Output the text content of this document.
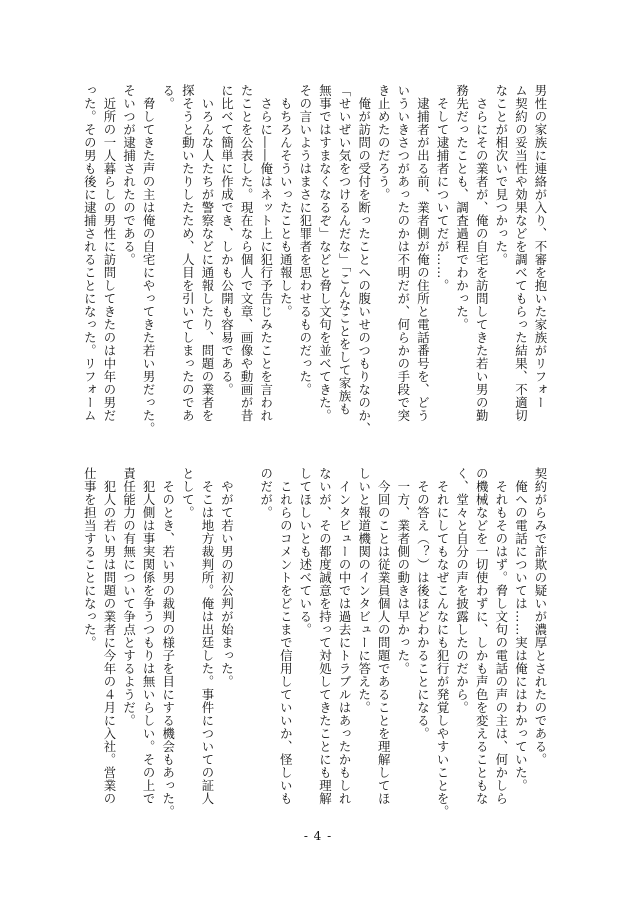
男性の家族に連絡が入り、不審を抱いた家族がリフォー
ム契約の妥当性や効果などを調べてもらった結果、不適切
なことが相次いで見つかった。
　さらにその業者が、俺の自宅を訪問してきた若い男の勤
務先だったことも、調査過程でわかった。
　そして逮捕者についてだが……。
　逮捕者が出る前、業者側が俺の住所と電話番号を、どう
いういきさつがあったのかは不明だが、何らかの手段で突
き止めたのだろう。
　俺が訪問の受付を断ったことへの腹いせのつもりなのか、
「せいぜい気をつけるんだな」「こんなことをして家族も
無事ではすまなくなるぞ」などと脅し文句を並べてきた。
その言いようはまさに犯罪者を思わせるものだった。
　もちろんそういったことも通報した。
　さらに――俺はネット上に犯行予告じみたことを言われ
たことを公表した。現在なら個人で文章、画像や動画が昔
に比べて簡単に作成でき、しかも公開も容易である。
　いろんな人たちが警察などに通報したり、問題の業者を
探そうと動いたりしたため、人目を引いてしまったのであ
る。
　脅してきた声の主は俺の自宅にやってきた若い男だった。
そいつが逮捕されたのである。
　近所の一人暮らしの男性に訪問してきたのは中年の男だ
った。その男も後に逮捕されることになった。リフォーム
契約がらみで詐欺の疑いが濃厚とされたのである。
　俺への電話については……実は俺にはわかっていた。
　それもそのはず。脅し文句の電話の声の主は、何かしら
の機械などを一切使わずに、しかも声色を変えることもな
く、堂々と自分の声を披露したのだから。
　それにしてもなぜこんなにも犯行が発覚しやすいことを。
　その答え（？）は後ほどわかることになる。
　一方、業者側の動きは早かった。
　今回のことは従業員個人の問題であることを理解してほ
しいと報道機関のインタビューに答えた。
　インタビューの中では過去にトラブルはあったかもしれ
ないが、その都度誠意を持って対処してきたことにも理解
してほしいとも述べている。
　これらのコメントをどこまで信用していいか、怪しいも
のだが。

　やがて若い男の初公判が始まった。
　そこは地方裁判所。俺は出廷した。事件についての証人
として。
　そのとき、若い男の裁判の様子を目にする機会もあった。
　犯人側は事実関係を争うつもりは無いらしい。その上で
責任能力の有無について争点とするようだ。
　犯人の若い男は問題の業者に今年の４月に入社。営業の
仕事を担当することになった。
- 4 -
